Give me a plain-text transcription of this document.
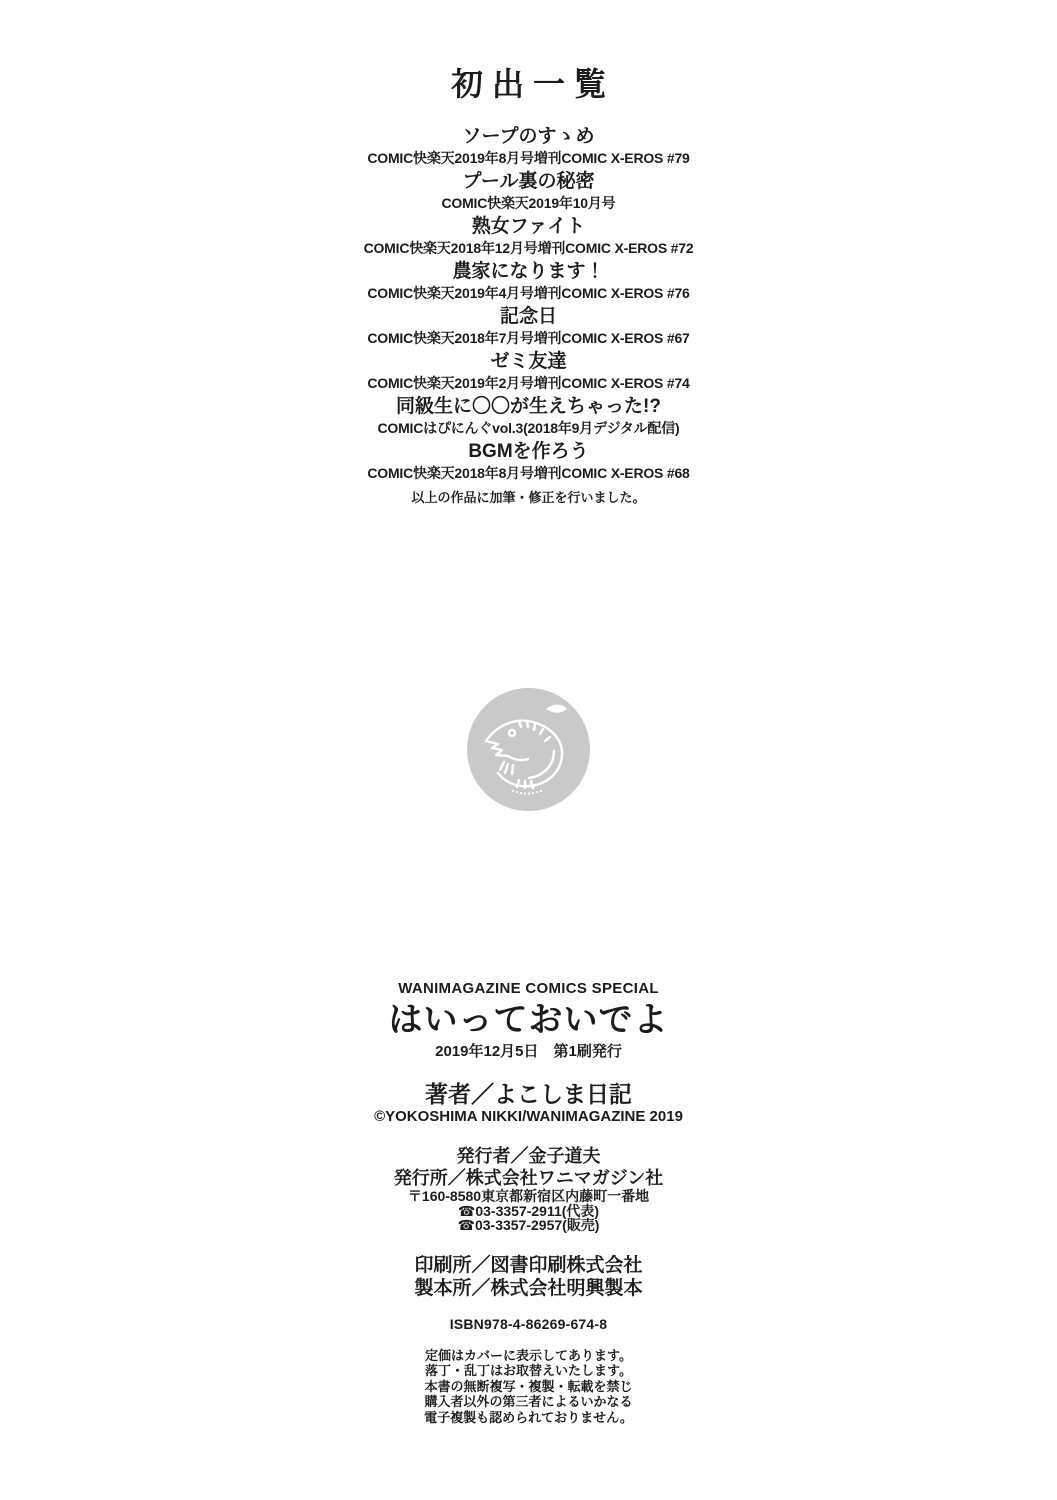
初出一覧
ソープのすゝめ
COMIC快楽天2019年8月号増刊COMIC X-EROS #79
プール裏の秘密
COMIC快楽天2019年10月号
熟女ファイト
COMIC快楽天2018年12月号増刊COMIC X-EROS #72
農家になります！
COMIC快楽天2019年4月号増刊COMIC X-EROS #76
記念日
COMIC快楽天2018年7月号増刊COMIC X-EROS #67
ゼミ友達
COMIC快楽天2019年2月号増刊COMIC X-EROS #74
同級生に〇〇が生えちゃった!?
COMICはぴにんぐvol.3(2018年9月デジタル配信)
BGMを作ろう
COMIC快楽天2018年8月号増刊COMIC X-EROS #68

以上の作品に加筆・修正を行いました。

WANIMAGAZINE COMICS SPECIAL
はいっておいでよ
2019年12月5日　第1刷発行
著者／よこしま日記
©YOKOSHIMA NIKKI/WANIMAGAZINE 2019
発行者／金子道夫
発行所／株式会社ワニマガジン社
〒160-8580東京都新宿区内藤町一番地
☎03-3357-2911(代表)
☎03-3357-2957(販売)
印刷所／図書印刷株式会社
製本所／株式会社明興製本
ISBN978-4-86269-674-8
定価はカバーに表示してあります。
落丁・乱丁はお取替えいたします。
本書の無断複写・複製・転載を禁じ
購入者以外の第三者によるいかなる
電子複製も認められておりません。
